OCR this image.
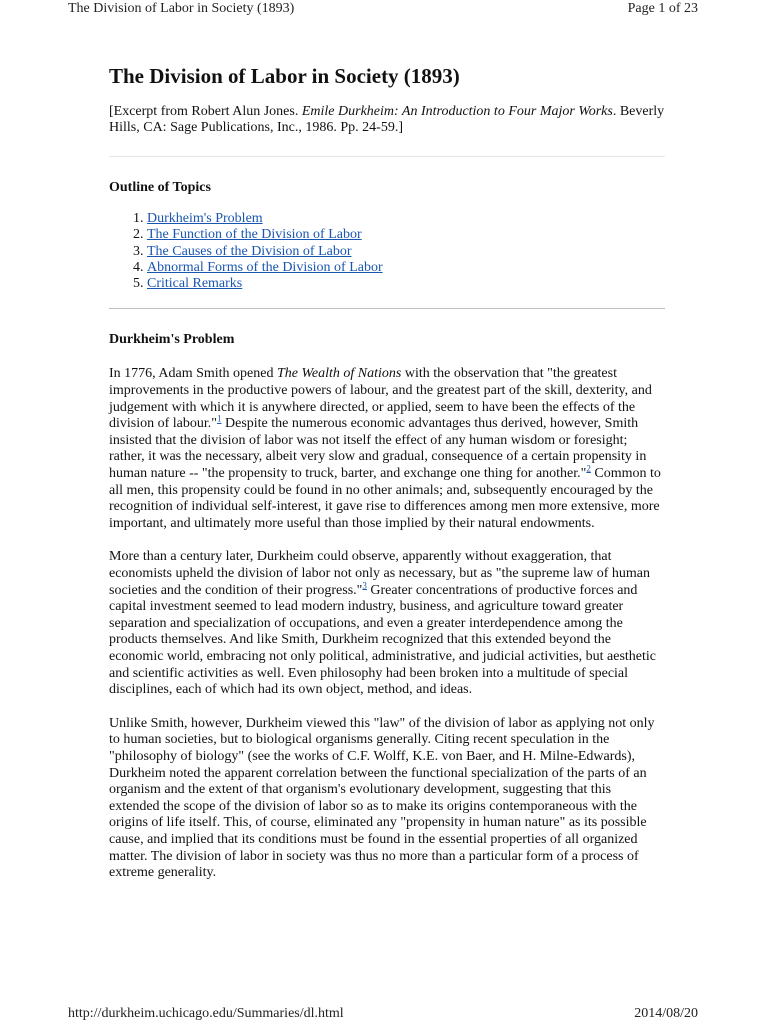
The Division of Labor in Society (1893)	Page 1 of 23
The Division of Labor in Society (1893)

[Excerpt from Robert Alun Jones. Emile Durkheim: An Introduction to Four Major Works. Beverly Hills, CA: Sage Publications, Inc., 1986. Pp. 24-59.]

Outline of Topics
1. Durkheim's Problem
2. The Function of the Division of Labor
3. The Causes of the Division of Labor
4. Abnormal Forms of the Division of Labor
5. Critical Remarks
Durkheim's Problem

In 1776, Adam Smith opened The Wealth of Nations with the observation that "the greatest improvements in the productive powers of labour, and the greatest part of the skill, dexterity, and judgement with which it is anywhere directed, or applied, seem to have been the effects of the division of labour."$^1$ Despite the numerous economic advantages thus derived, however, Smith insisted that the division of labor was not itself the effect of any human wisdom or foresight; rather, it was the necessary, albeit very slow and gradual, consequence of a certain propensity in human nature -- "the propensity to truck, barter, and exchange one thing for another."$^2$ Common to all men, this propensity could be found in no other animals; and, subsequently encouraged by the recognition of individual self-interest, it gave rise to differences among men more extensive, more important, and ultimately more useful than those implied by their natural endowments.

More than a century later, Durkheim could observe, apparently without exaggeration, that economists upheld the division of labor not only as necessary, but as "the supreme law of human societies and the condition of their progress."$^3$ Greater concentrations of productive forces and capital investment seemed to lead modern industry, business, and agriculture toward greater separation and specialization of occupations, and even a greater interdependence among the products themselves. And like Smith, Durkheim recognized that this extended beyond the economic world, embracing not only political, administrative, and judicial activities, but aesthetic and scientific activities as well. Even philosophy had been broken into a multitude of special disciplines, each of which had its own object, method, and ideas.

Unlike Smith, however, Durkheim viewed this "law" of the division of labor as applying not only to human societies, but to biological organisms generally. Citing recent speculation in the "philosophy of biology" (see the works of C.F. Wolff, K.E. von Baer, and H. Milne-Edwards), Durkheim noted the apparent correlation between the functional specialization of the parts of an organism and the extent of that organism's evolutionary development, suggesting that this extended the scope of the division of labor so as to make its origins contemporaneous with the origins of life itself. This, of course, eliminated any "propensity in human nature" as its possible cause, and implied that its conditions must be found in the essential properties of all organized matter. The division of labor in society was thus no more than a particular form of a process of extreme generality.

http://durkheim.uchicago.edu/Summaries/dl.html	2014/08/20
